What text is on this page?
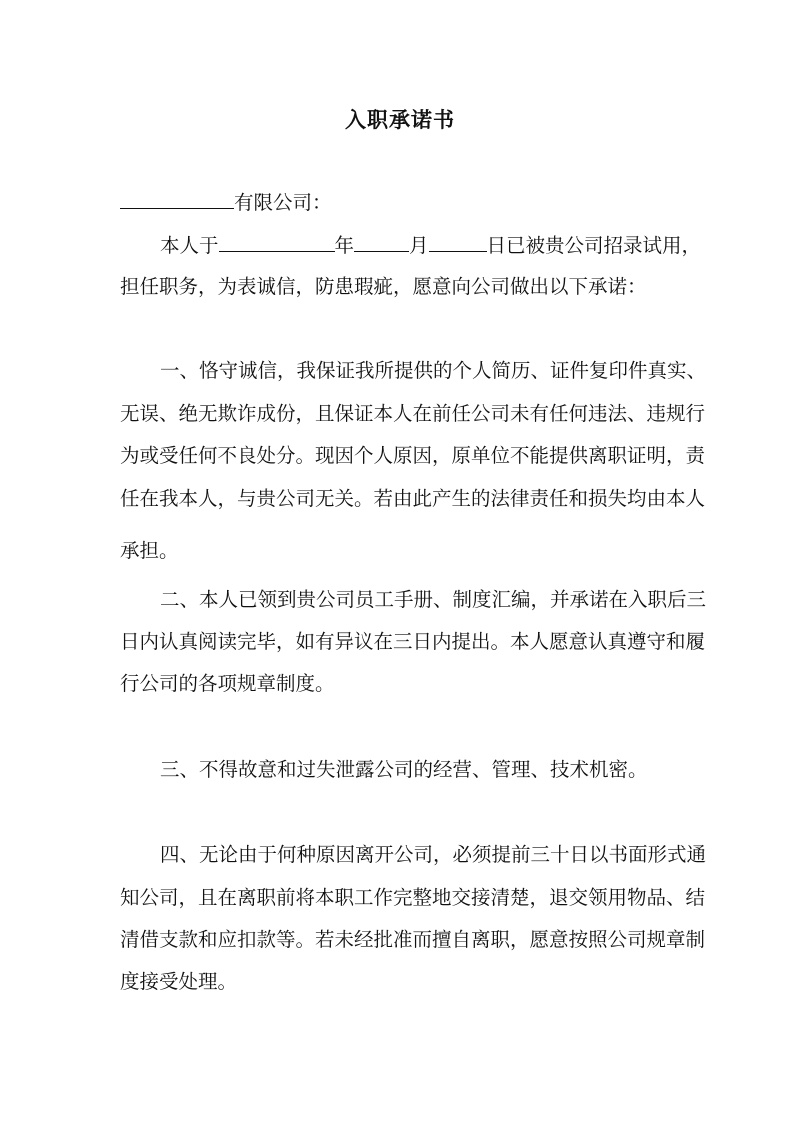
入职承诺书
有限公司：
本人于	年	月	日已被贵公司招录试用，
担任职务，为表诚信，防患瑕疵，愿意向公司做出以下承诺：
一、恪守诚信，我保证我所提供的个人简历、证件复印件真实、
无误、绝无欺诈成份，且保证本人在前任公司未有任何违法、违规行
为或受任何不良处分。现因个人原因，原单位不能提供离职证明，责
任在我本人，与贵公司无关。若由此产生的法律责任和损失均由本人
承担。
二、本人已领到贵公司员工手册、制度汇编，并承诺在入职后三
日内认真阅读完毕，如有异议在三日内提出。本人愿意认真遵守和履
行公司的各项规章制度。
三、不得故意和过失泄露公司的经营、管理、技术机密。
四、无论由于何种原因离开公司，必须提前三十日以书面形式通
知公司，且在离职前将本职工作完整地交接清楚，退交领用物品、结
清借支款和应扣款等。若未经批准而擅自离职，愿意按照公司规章制
度接受处理。
